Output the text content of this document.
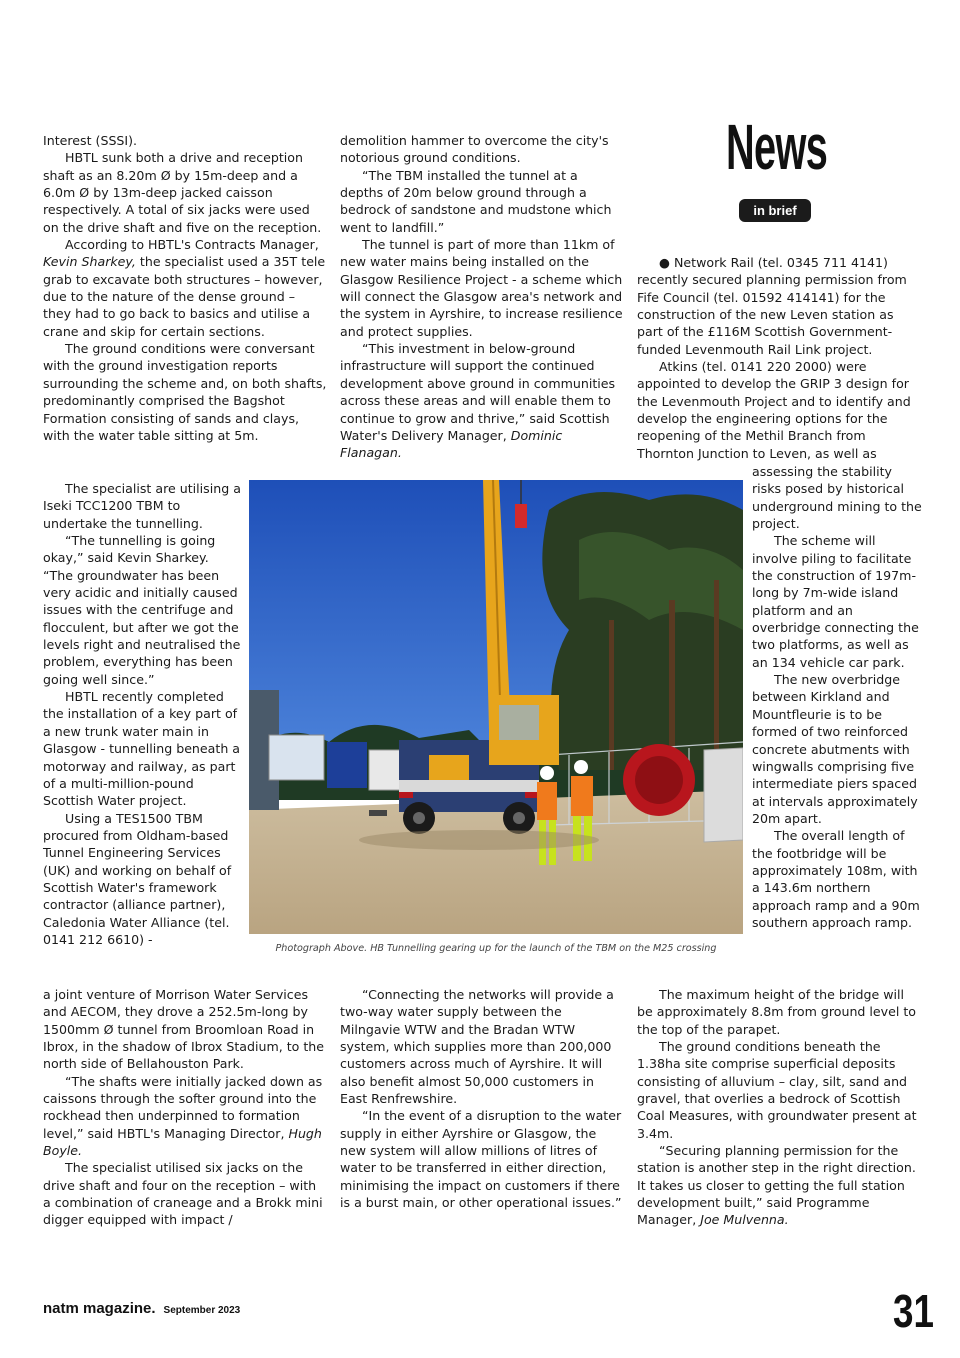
Interest (SSSI).

HBTL sunk both a drive and reception shaft as an 8.20m Ø by 15m-deep and a 6.0m Ø by 13m-deep jacked caisson respectively. A total of six jacks were used on the drive shaft and five on the reception.

According to HBTL's Contracts Manager, Kevin Sharkey, the specialist used a 35T tele grab to excavate both structures – however, due to the nature of the dense ground – they had to go back to basics and utilise a crane and skip for certain sections.

The ground conditions were conversant with the ground investigation reports surrounding the scheme and, on both shafts, predominantly comprised the Bagshot Formation consisting of sands and clays, with the water table sitting at 5m.

The specialist are utilising a Iseki TCC1200 TBM to undertake the tunnelling.

“The tunnelling is going okay,” said Kevin Sharkey. “The groundwater has been very acidic and initially caused issues with the centrifuge and flocculent, but after we got the levels right and neutralised the problem, everything has been going well since.”

HBTL recently completed the installation of a key part of a new trunk water main in Glasgow - tunnelling beneath a motorway and railway, as part of a multi-million-pound Scottish Water project.

Using a TES1500 TBM procured from Oldham-based Tunnel Engineering Services (UK) and working on behalf of Scottish Water's framework contractor (alliance partner), Caledonia Water Alliance (tel. 0141 212 6610) -

a joint venture of Morrison Water Services and AECOM, they drove a 252.5m-long by 1500mm Ø tunnel from Broomloan Road in Ibrox, in the shadow of Ibrox Stadium, to the north side of Bellahouston Park.

“The shafts were initially jacked down as caissons through the softer ground into the rockhead then underpinned to formation level,” said HBTL's Managing Director, Hugh Boyle.

The specialist utilised six jacks on the drive shaft and four on the reception – with a combination of craneage and a Brokk mini digger equipped with impact /

demolition hammer to overcome the city's notorious ground conditions.

“The TBM installed the tunnel at a depths of 20m below ground through a bedrock of sandstone and mudstone which went to landfill.”

The tunnel is part of more than 11km of new water mains being installed on the Glasgow Resilience Project - a scheme which will connect the Glasgow area's network and the system in Ayrshire, to increase resilience and protect supplies.

“This investment in below-ground infrastructure will support the continued development above ground in communities across these areas and will enable them to continue to grow and thrive,” said Scottish Water's Delivery Manager, Dominic Flanagan.

“Connecting the networks will provide a two-way water supply between the Milngavie WTW and the Bradan WTW system, which supplies more than 200,000 customers across much of Ayrshire. It will also benefit almost 50,000 customers in East Renfrewshire.

“In the event of a disruption to the water supply in either Ayrshire or Glasgow, the new system will allow millions of litres of water to be transferred in either direction, minimising the impact on customers if there is a burst main, or other operational issues.”

News
in brief

● Network Rail (tel. 0345 711 4141) recently secured planning permission from Fife Council (tel. 01592 414141) for the construction of the new Leven station as part of the £116M Scottish Government-funded Levenmouth Rail Link project.

Atkins (tel. 0141 220 2000) were appointed to develop the GRIP 3 design for the Levenmouth Project and to identify and develop the engineering options for the reopening of the Methil Branch from Thornton Junction to Leven, as well as

assessing the stability risks posed by historical underground mining to the project.

The scheme will involve piling to facilitate the construction of 197m-long by 7m-wide island platform and an overbridge connecting the two platforms, as well as an 134 vehicle car park.

The new overbridge between Kirkland and Mountfleurie is to be formed of two reinforced concrete abutments with wingwalls comprising five intermediate piers spaced at intervals approximately 20m apart.

The overall length of the footbridge will be approximately 108m, with a 143.6m northern approach ramp and a 90m southern approach ramp.

The maximum height of the bridge will be approximately 8.8m from ground level to the top of the parapet.

The ground conditions beneath the 1.38ha site comprise superficial deposits consisting of alluvium – clay, silt, sand and gravel, that overlies a bedrock of Scottish Coal Measures, with groundwater present at 3.4m.

“Securing planning permission for the station is another step in the right direction. It takes us closer to getting the full station development built,” said Programme Manager, Joe Mulvenna.

Photograph Above. HB Tunnelling gearing up for the launch of the TBM on the M25 crossing
natm magazine. September 2023	31
